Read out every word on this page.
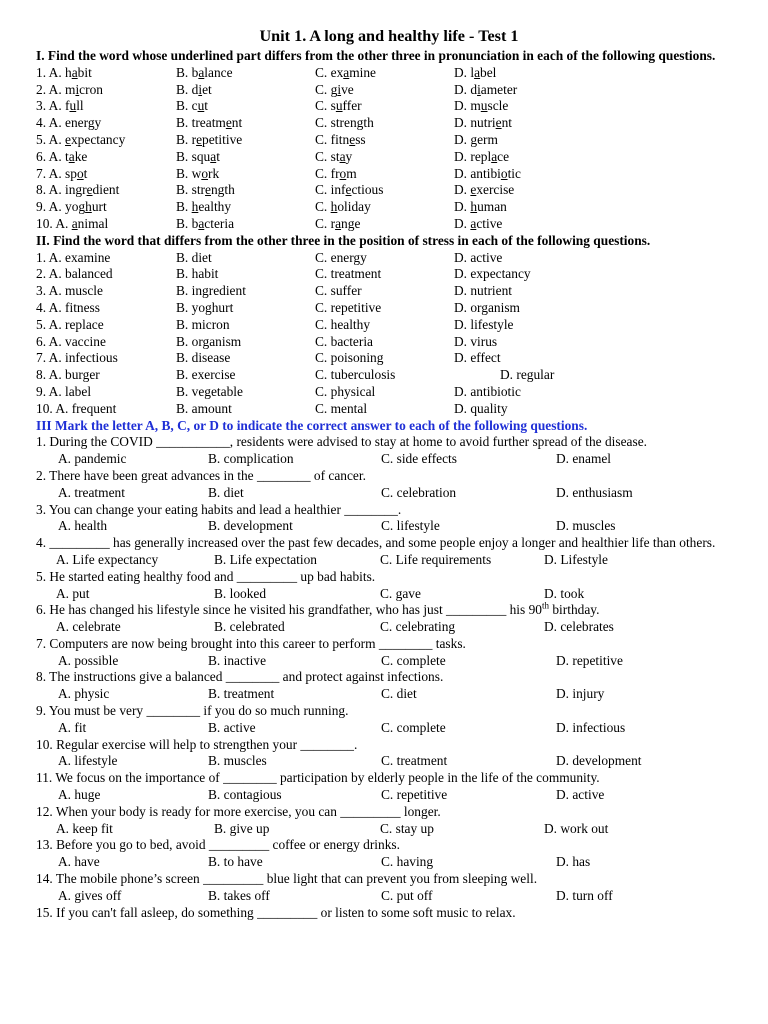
Unit 1. A long and healthy life - Test 1

I. Find the word whose underlined part differs from the other three in pronunciation in each of the following questions.

1. A. habit	B. balance	C. examine	D. label
2. A. micron	B. diet	C. give	D. diameter
3. A. full	B. cut	C. suffer	D. muscle
4. A. energy	B. treatment	C. strength	D. nutrient
5. A. expectancy	B. repetitive	C. fitness	D. germ
6. A. take	B. squat	C. stay	D. replace
7. A. spot	B. work	C. from	D. antibiotic
8. A. ingredient	B. strength	C. infectious	D. exercise
9. A. yoghurt	B. healthy	C. holiday	D. human
10. A. animal	B. bacteria	C. range	D. active

II. Find the word that differs from the other three in the position of stress in each of the following questions.

1. A. examine	B. diet	C. energy	D. active
2. A. balanced	B. habit	C. treatment	D. expectancy
3. A. muscle	B. ingredient	C. suffer	D. nutrient
4. A. fitness	B. yoghurt	C. repetitive	D. organism
5. A. replace	B. micron	C. healthy	D. lifestyle
6. A. vaccine	B. organism	C. bacteria	D. virus
7. A. infectious	B. disease	C. poisoning	D. effect
8. A. burger	B. exercise	C. tuberculosis	D. regular
9. A. label	B. vegetable	C. physical	D. antibiotic
10. A. frequent	B. amount	C. mental	D. quality

III Mark the letter A, B, C, or D to indicate the correct answer to each of the following questions.

1. During the COVID ___________, residents were advised to stay at home to avoid further spread of the disease.

A. pandemic	B. complication	C. side effects	D. enamel

2. There have been great advances in the ________ of cancer.

A. treatment	B. diet	C. celebration	D. enthusiasm

3. You can change your eating habits and lead a healthier ________.

A. health	B. development	C. lifestyle	D. muscles

4. _________ has generally increased over the past few decades, and some people enjoy a longer and healthier life than others.

A. Life expectancy	B. Life expectation	C. Life requirements	D. Lifestyle

5. He started eating healthy food and _________ up bad habits.

A. put	B. looked	C. gave	D. took

6. He has changed his lifestyle since he visited his grandfather, who has just _________ his 90th birthday.

A. celebrate	B. celebrated	C. celebrating	D. celebrates

7. Computers are now being brought into this career to perform ________ tasks.

A. possible	B. inactive	C. complete	D. repetitive

8. The instructions give a balanced ________ and protect against infections.

A. physic	B. treatment	C. diet	D. injury

9. You must be very ________ if you do so much running.

A. fit	B. active	C. complete	D. infectious

10. Regular exercise will help to strengthen your ________.

A. lifestyle	B. muscles	C. treatment	D. development

11. We focus on the importance of ________ participation by elderly people in the life of the community.

A. huge	B. contagious	C. repetitive	D. active

12. When your body is ready for more exercise, you can _________ longer.

A. keep fit	B. give up	C. stay up	D. work out

13. Before you go to bed, avoid _________ coffee or energy drinks.

A. have	B. to have	C. having	D. has

14. The mobile phone’s screen _________ blue light that can prevent you from sleeping well.

A. gives off	B. takes off	C. put off	D. turn off

15. If you can't fall asleep, do something _________ or listen to some soft music to relax.
